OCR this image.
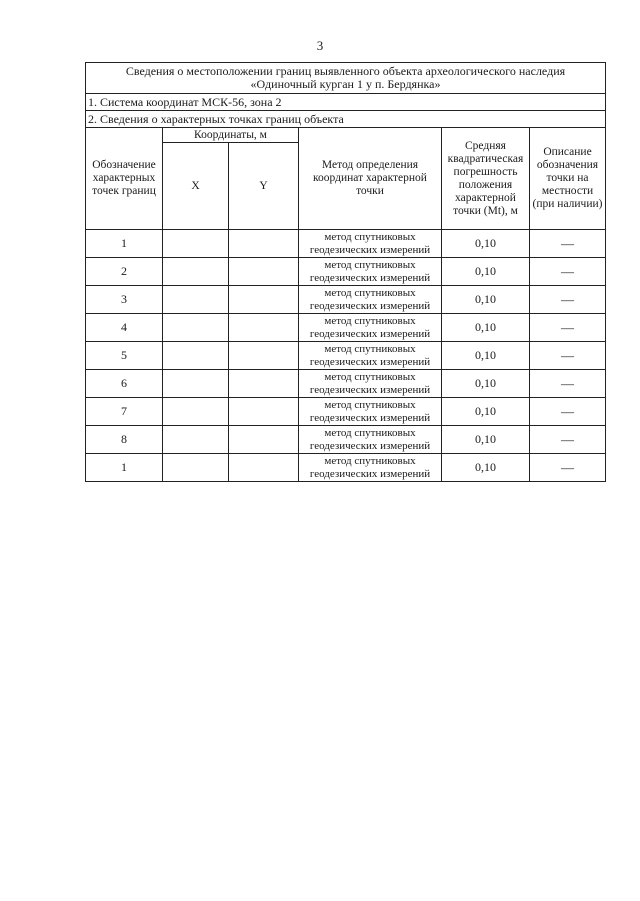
3
Сведения о местоположении границ выявленного объекта археологического наследия
«Одиночный курган 1 у п. Бердянка»					

1. Система координат МСК-56, зона 2					
2. Сведения о характерных точках границ объекта					
Обозначение характерных точек границ	Координаты, м		Метод определения координат характерной точки	Средняя квадратическая погрешность положения характерной точки (Mt), м	Описание обозначения точки на местности (при наличии)
	X	Y			
1			метод спутниковых
геодезических измерений	0,10	—
2			метод спутниковых
геодезических измерений	0,10	—
3			метод спутниковых
геодезических измерений	0,10	—
4			метод спутниковых
геодезических измерений	0,10	—
5			метод спутниковых
геодезических измерений	0,10	—
6			метод спутниковых
геодезических измерений	0,10	—
7			метод спутниковых
геодезических измерений	0,10	—
8			метод спутниковых
геодезических измерений	0,10	—
1			метод спутниковых
геодезических измерений	0,10	—
